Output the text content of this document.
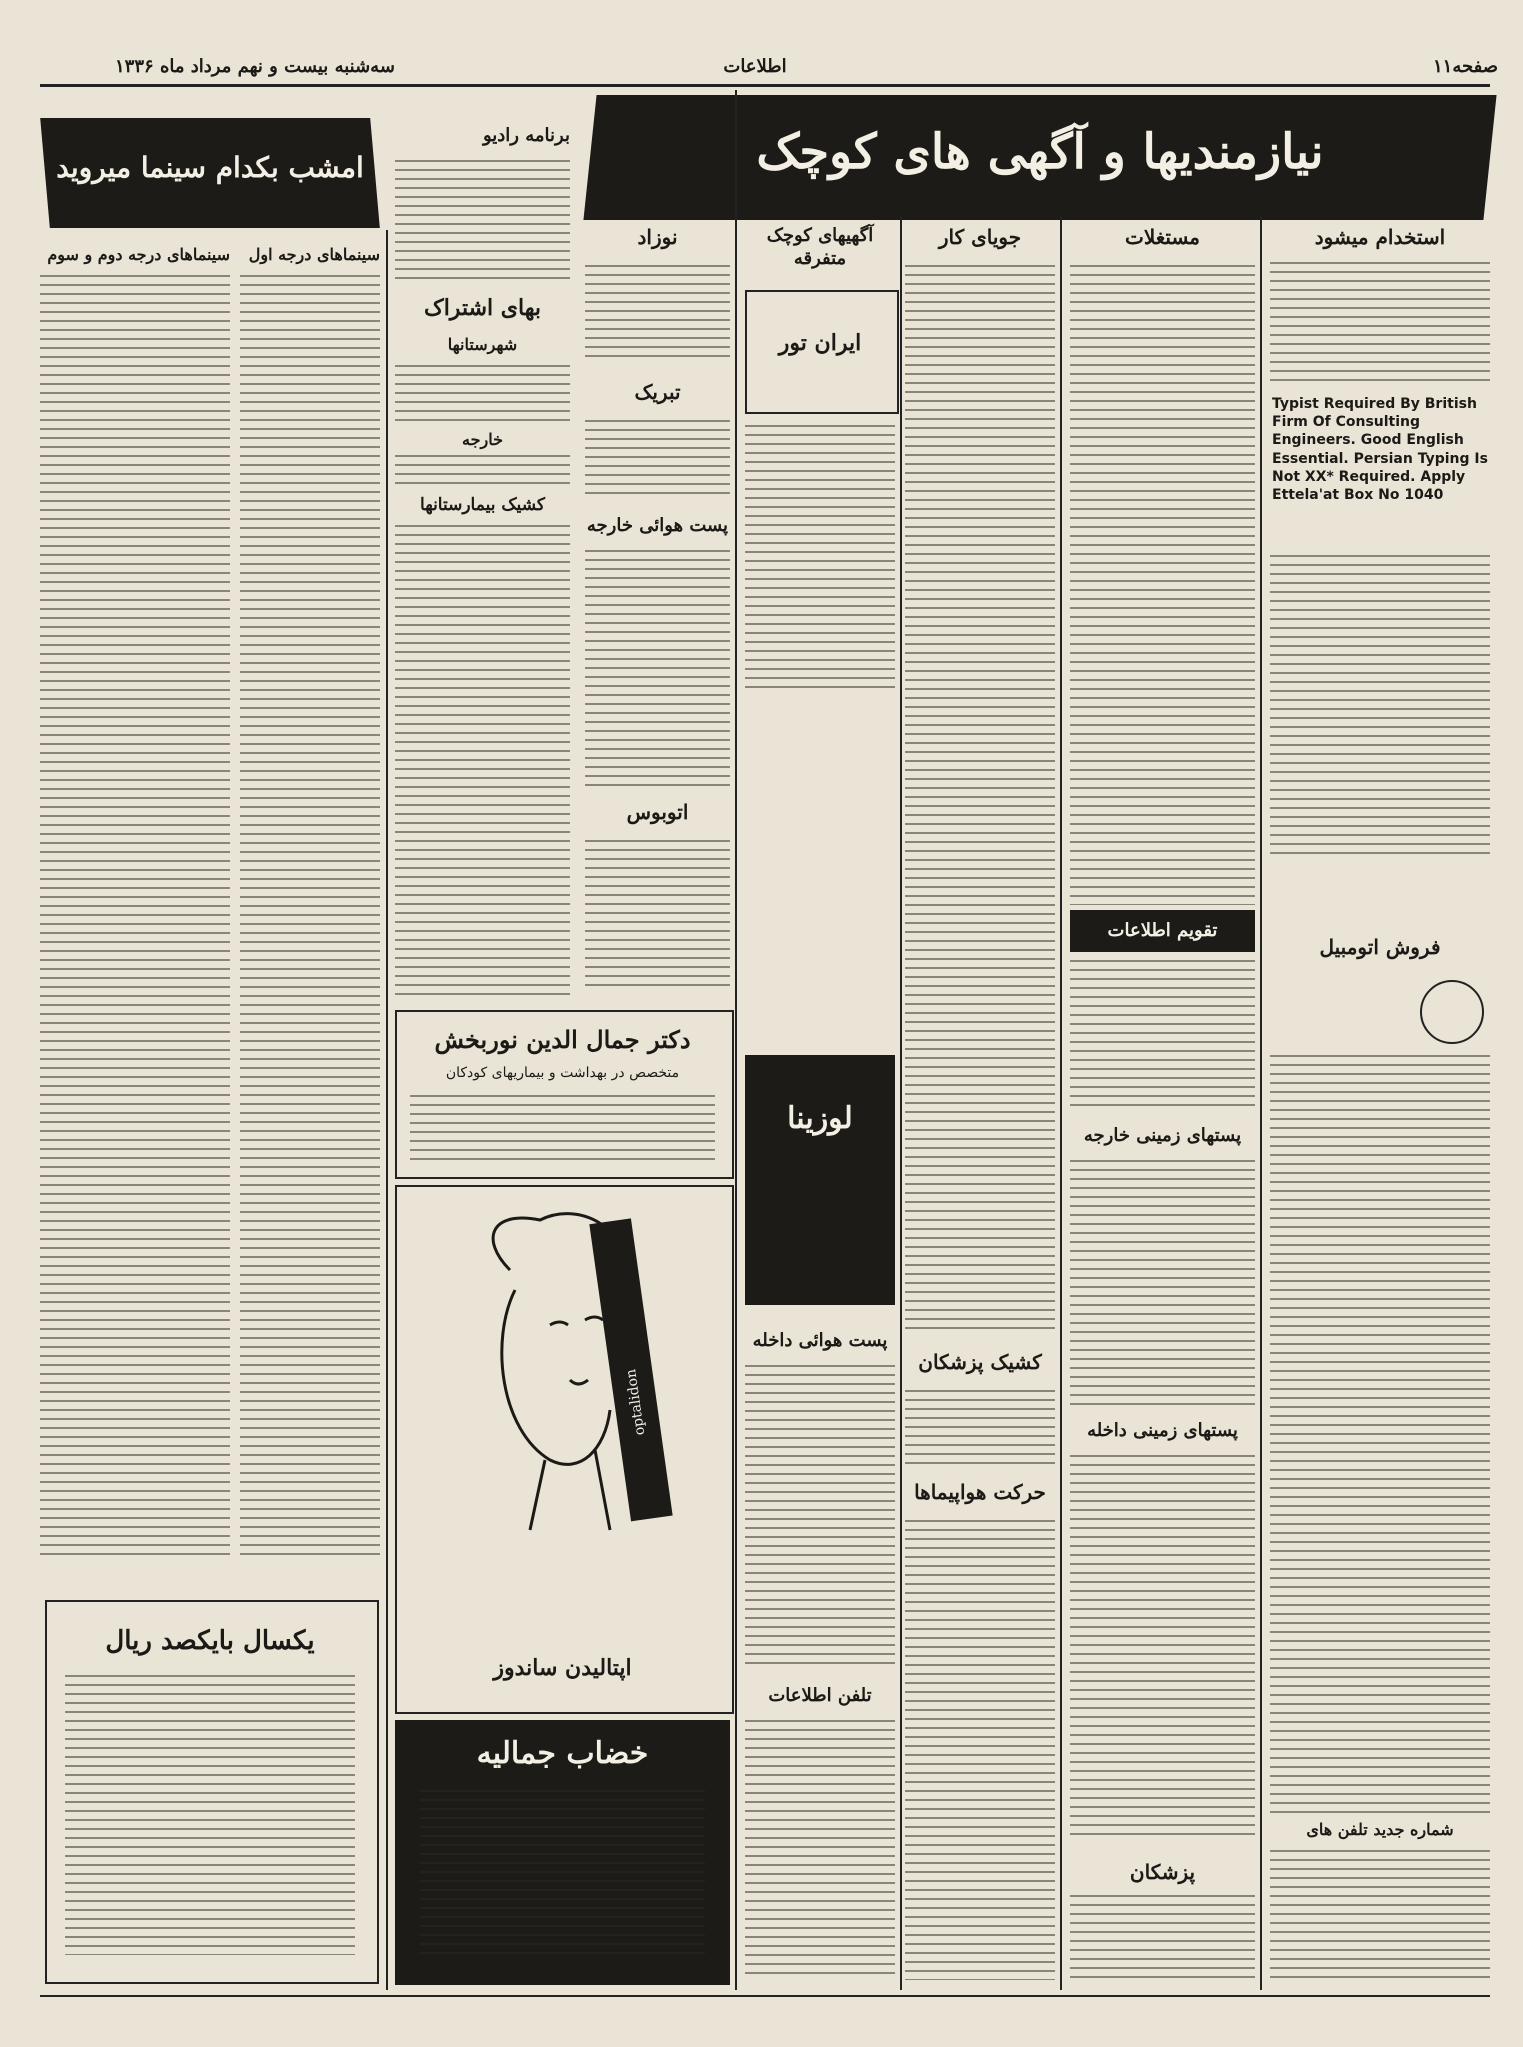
صفحه۱۱
اطلاعات
سه‌شنبه بیست و نهم مرداد ماه ۱۳۳۶
نیازمندیها و آگهی های کوچک
امشب بکدام سینما میروید
سینماهای درجه دوم و سوم	سینماهای درجه اول
یکسال بایکصد ریال
برنامه رادیو
بهای اشتراک
شهرستانها
خارجه
کشیک بیمارستانها
نوزاد
تبریک
پست هوائی خارجه
اتوبوس
دکتر جمال الدین نوربخش
متخصص در بهداشت و بیماریهای کودکان
optalidon
اپتالیدن ساندوز
خضاب جمالیه
آگهیهای کوچک متفرقه
ایران تور
لوزینا
پست هوائی داخله
تلفن اطلاعات
جویای کار
کشیک پزشکان
حرکت هواپیماها
مستغلات
تقویم اطلاعات
پستهای زمینی خارجه
پستهای زمینی داخله
پزشکان
استخدام میشود
Typist Required By British Firm Of Consulting Engineers. Good English Essential. Persian Typing Is Not XX* Required. Apply Ettela'at Box No 1040
فروش اتومبیل
شماره جدید تلفن های
